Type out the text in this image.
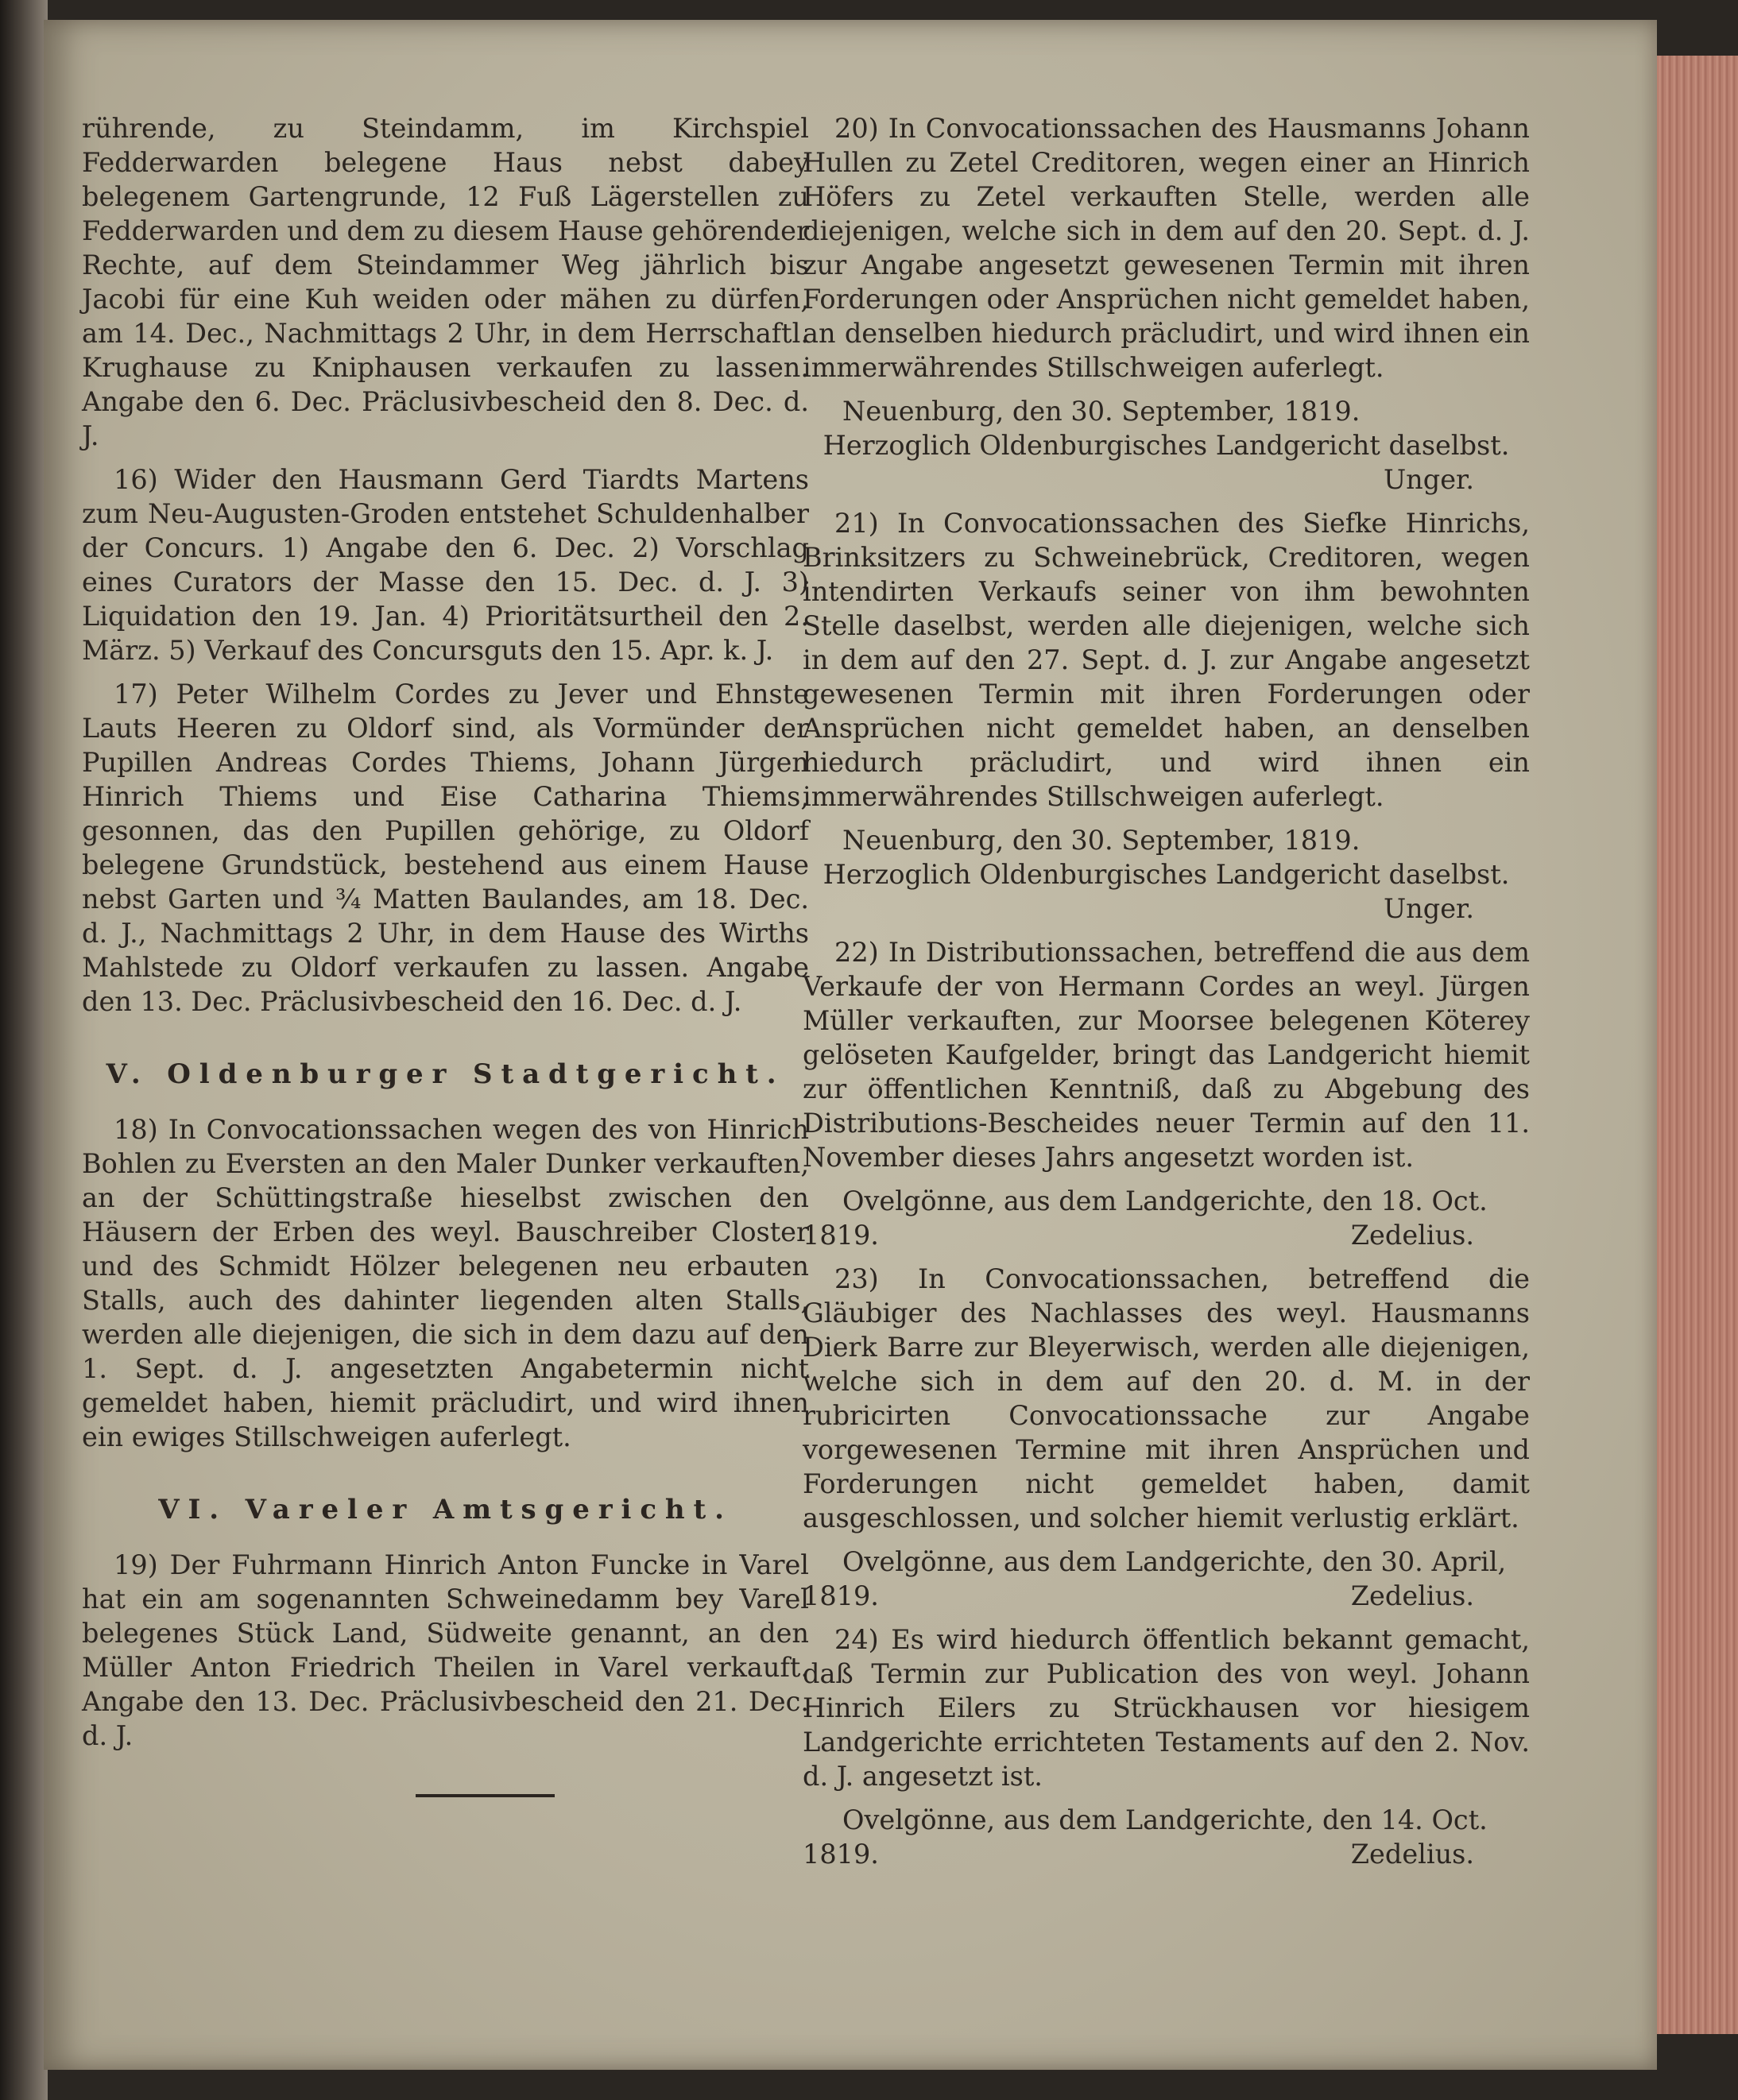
rührende, zu Steindamm, im Kirchspiel Fedderwarden belegene Haus nebst dabey belegenem Gartengrunde, 12 Fuß Lägerstellen zu Fedderwarden und dem zu diesem Hause gehörender Rechte, auf dem Steindammer Weg jährlich bis Jacobi für eine Kuh weiden oder mähen zu dürfen, am 14. Dec., Nachmittags 2 Uhr, in dem Herrschaftl. Krughause zu Kniphausen verkaufen zu lassen. Angabe den 6. Dec. Präclusivbescheid den 8. Dec. d. J.

16) Wider den Hausmann Gerd Tiardts Martens zum Neu-Augusten-Groden entstehet Schuldenhalber der Concurs. 1) Angabe den 6. Dec. 2) Vorschlag eines Curators der Masse den 15. Dec. d. J. 3) Liquidation den 19. Jan. 4) Prioritätsurtheil den 2. März. 5) Verkauf des Concursguts den 15. Apr. k. J.

17) Peter Wilhelm Cordes zu Jever und Ehnste Lauts Heeren zu Oldorf sind, als Vormünder der Pupillen Andreas Cordes Thiems, Johann Jürgen Hinrich Thiems und Eise Catharina Thiems, gesonnen, das den Pupillen gehörige, zu Oldorf belegene Grundstück, bestehend aus einem Hause nebst Garten und ¾ Matten Baulandes, am 18. Dec. d. J., Nachmittags 2 Uhr, in dem Hause des Wirths Mahlstede zu Oldorf verkaufen zu lassen. Angabe den 13. Dec. Präclusivbescheid den 16. Dec. d. J.

V. Oldenburger Stadtgericht.

18) In Convocationssachen wegen des von Hinrich Bohlen zu Eversten an den Maler Dunker verkauften, an der Schüttingstraße hieselbst zwischen den Häusern der Erben des weyl. Bauschreiber Closter und des Schmidt Hölzer belegenen neu erbauten Stalls, auch des dahinter liegenden alten Stalls, werden alle diejenigen, die sich in dem dazu auf den 1. Sept. d. J. angesetzten Angabetermin nicht gemeldet haben, hiemit präcludirt, und wird ihnen ein ewiges Stillschweigen auferlegt.

VI. Vareler Amtsgericht.

19) Der Fuhrmann Hinrich Anton Funcke in Varel hat ein am sogenannten Schweinedamm bey Varel belegenes Stück Land, Südweite genannt, an den Müller Anton Friedrich Theilen in Varel verkauft. Angabe den 13. Dec. Präclusivbescheid den 21. Dec. d. J.

20) In Convocationssachen des Hausmanns Johann Hullen zu Zetel Creditoren, wegen einer an Hinrich Höfers zu Zetel verkauften Stelle, werden alle diejenigen, welche sich in dem auf den 20. Sept. d. J. zur Angabe angesetzt gewesenen Termin mit ihren Forderungen oder Ansprüchen nicht gemeldet haben, an denselben hiedurch präcludirt, und wird ihnen ein immerwährendes Stillschweigen auferlegt.

Neuenburg, den 30. September, 1819.

Herzoglich Oldenburgisches Landgericht daselbst.

Unger.

21) In Convocationssachen des Siefke Hinrichs, Brinksitzers zu Schweinebrück, Creditoren, wegen intendirten Verkaufs seiner von ihm bewohnten Stelle daselbst, werden alle diejenigen, welche sich in dem auf den 27. Sept. d. J. zur Angabe angesetzt gewesenen Termin mit ihren Forderungen oder Ansprüchen nicht gemeldet haben, an denselben hiedurch präcludirt, und wird ihnen ein immerwährendes Stillschweigen auferlegt.

Neuenburg, den 30. September, 1819.

Herzoglich Oldenburgisches Landgericht daselbst.

Unger.

22) In Distributionssachen, betreffend die aus dem Verkaufe der von Hermann Cordes an weyl. Jürgen Müller verkauften, zur Moorsee belegenen Köterey gelöseten Kaufgelder, bringt das Landgericht hiemit zur öffentlichen Kenntniß, daß zu Abgebung des Distributions-Bescheides neuer Termin auf den 11. November dieses Jahrs angesetzt worden ist.

Ovelgönne, aus dem Landgerichte, den 18. Oct.

1819.	Zedelius.

23) In Convocationssachen, betreffend die Gläubiger des Nachlasses des weyl. Hausmanns Dierk Barre zur Bleyerwisch, werden alle diejenigen, welche sich in dem auf den 20. d. M. in der rubricirten Convocationssache zur Angabe vorgewesenen Termine mit ihren Ansprüchen und Forderungen nicht gemeldet haben, damit ausgeschlossen, und solcher hiemit verlustig erklärt.

Ovelgönne, aus dem Landgerichte, den 30. April,

1819.	Zedelius.

24) Es wird hiedurch öffentlich bekannt gemacht, daß Termin zur Publication des von weyl. Johann Hinrich Eilers zu Strückhausen vor hiesigem Landgerichte errichteten Testaments auf den 2. Nov. d. J. angesetzt ist.

Ovelgönne, aus dem Landgerichte, den 14. Oct.

1819.	Zedelius.
